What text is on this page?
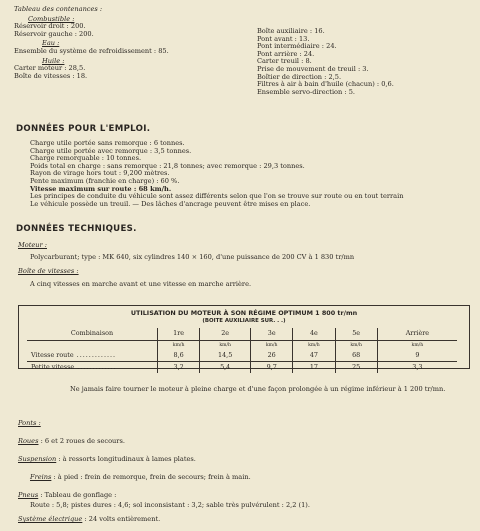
Tableau des contenances :
Combustible :
Réservoir droit : 200.
Réservoir gauche : 200.
Eau :
Ensemble du système de refroidissement : 85.
Huile :
Carter moteur : 28,5.
Boîte de vitesses : 18.
Boîte auxiliaire : 16.
Pont avant : 13.
Pont intermédiaire : 24.
Pont arrière : 24.
Carter treuil : 8.
Prise de mouvement de treuil : 3.
Boîtier de direction : 2,5.
Filtres à air à bain d'huile (chacun) : 0,6.
Ensemble servo-direction : 5.
DONNÉES POUR L'EMPLOI.
Charge utile portée sans remorque : 6 tonnes.
Charge utile portée avec remorque : 3,5 tonnes.
Charge remorquable : 10 tonnes.
Poids total en charge : sans remorque : 21,8 tonnes; avec remorque : 29,3 tonnes.
Rayon de virage hors tout : 9,200 mètres.
Pente maximum (franchie en charge) : 60 %.
Vitesse maximum sur route : 68 km/h.
Les principes de conduite du véhicule sont assez différents selon que l'on se trouve sur route ou en tout terrain
Le véhicule possède un treuil. — Des lâches d'ancrage peuvent être mises en place.
DONNÉES TECHNIQUES.
Moteur :
Polycarburant; type : MK 640, six cylindres 140 × 160, d'une puissance de 200 CV à 1 830 tr/mn
Boîte de vitesses :
A cinq vitesses en marche avant et une vitesse en marche arrière.
UTILISATION DU MOTEUR À SON RÉGIME OPTIMUM 1 800 tr/mn
(BOITE AUXILIAIRE SUR. . .)
Combinaison	1re	2e	3e	4e	5e	Arrière
	km/h	km/h	km/h	km/h	km/h	km/h
Vitesse route .............	8,6	14,5	26	47	68	9
Petite vitesse .............	3,2	5,4	9,7	17	25	3,3
Ne jamais faire tourner le moteur à pleine charge et d'une façon prolongée à un régime inférieur à 1 200 tr/mn.
Ponts :
Roues : 6 et 2 roues de secours.
Suspension : à ressorts longitudinaux à lames plates.
Freins : à pied : frein de remorque, frein de secours; frein à main.
Pneus : Tableau de gonflage :
Route : 5,8; pistes dures : 4,6; sol inconsistant : 3,2; sable très pulvérulent : 2,2 (1).
Système électrique : 24 volts entièrement.
